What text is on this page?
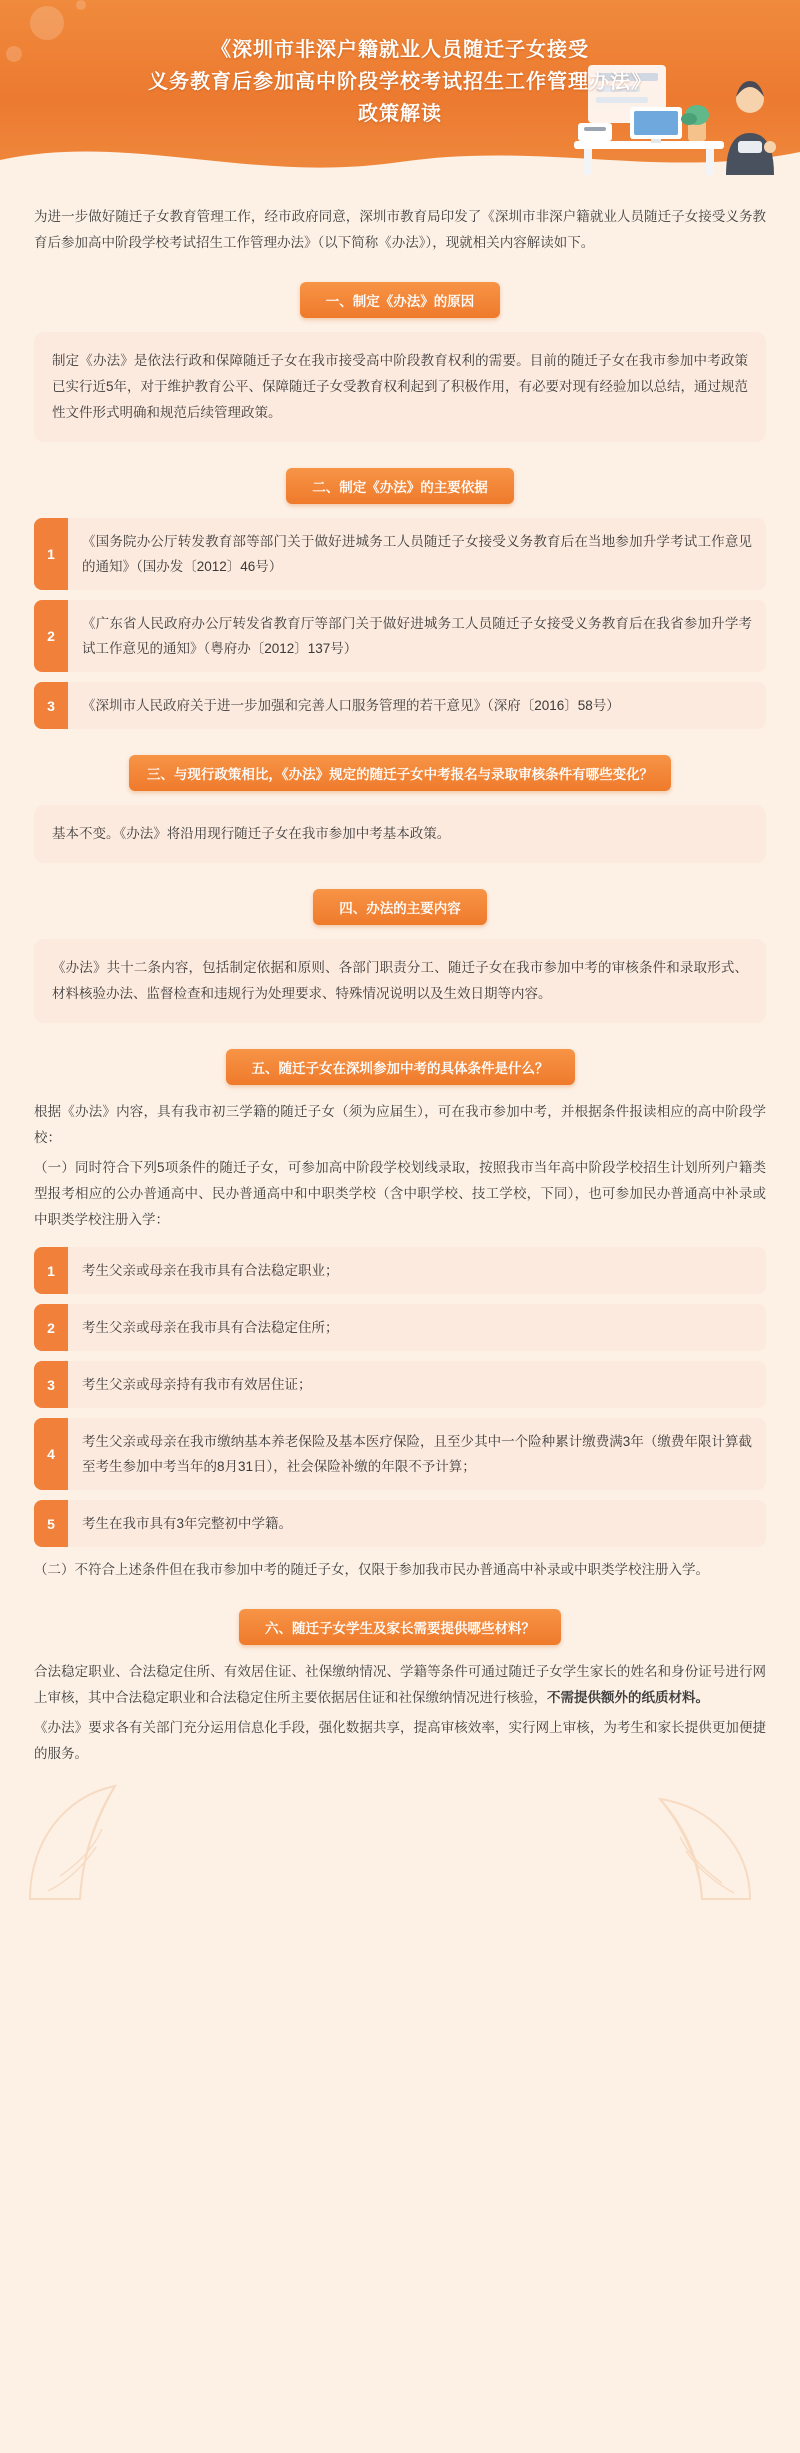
《深圳市非深户籍就业人员随迁子女接受
义务教育后参加高中阶段学校考试招生工作管理办法》
政策解读

为进一步做好随迁子女教育管理工作，经市政府同意，深圳市教育局印发了《深圳市非深户籍就业人员随迁子女接受义务教育后参加高中阶段学校考试招生工作管理办法》（以下简称《办法》），现就相关内容解读如下。

一、制定《办法》的原因

制定《办法》是依法行政和保障随迁子女在我市接受高中阶段教育权利的需要。目前的随迁子女在我市参加中考政策已实行近5年，对于维护教育公平、保障随迁子女受教育权利起到了积极作用，有必要对现有经验加以总结，通过规范性文件形式明确和规范后续管理政策。

二、制定《办法》的主要依据
1
《国务院办公厅转发教育部等部门关于做好进城务工人员随迁子女接受义务教育后在当地参加升学考试工作意见的通知》（国办发〔2012〕46号）
2
《广东省人民政府办公厅转发省教育厅等部门关于做好进城务工人员随迁子女接受义务教育后在我省参加升学考试工作意见的通知》（粤府办〔2012〕137号）
3	《深圳市人民政府关于进一步加强和完善人口服务管理的若干意见》（深府〔2016〕58号）
三、与现行政策相比，《办法》规定的随迁子女中考报名与录取审核条件有哪些变化？

基本不变。《办法》将沿用现行随迁子女在我市参加中考基本政策。

四、办法的主要内容

《办法》共十二条内容，包括制定依据和原则、各部门职责分工、随迁子女在我市参加中考的审核条件和录取形式、材料核验办法、监督检查和违规行为处理要求、特殊情况说明以及生效日期等内容。

五、随迁子女在深圳参加中考的具体条件是什么？

根据《办法》内容，具有我市初三学籍的随迁子女（须为应届生），可在我市参加中考，并根据条件报读相应的高中阶段学校：

（一）同时符合下列5项条件的随迁子女，可参加高中阶段学校划线录取，按照我市当年高中阶段学校招生计划所列户籍类型报考相应的公办普通高中、民办普通高中和中职类学校（含中职学校、技工学校，下同），也可参加民办普通高中补录或中职类学校注册入学：

1	考生父亲或母亲在我市具有合法稳定职业；
2	考生父亲或母亲在我市具有合法稳定住所；
3	考生父亲或母亲持有我市有效居住证；
4
考生父亲或母亲在我市缴纳基本养老保险及基本医疗保险，且至少其中一个险种累计缴费满3年（缴费年限计算截至考生参加中考当年的8月31日），社会保险补缴的年限不予计算；
5	考生在我市具有3年完整初中学籍。

（二）不符合上述条件但在我市参加中考的随迁子女，仅限于参加我市民办普通高中补录或中职类学校注册入学。

六、随迁子女学生及家长需要提供哪些材料？

合法稳定职业、合法稳定住所、有效居住证、社保缴纳情况、学籍等条件可通过随迁子女学生家长的姓名和身份证号进行网上审核，其中合法稳定职业和合法稳定住所主要依据居住证和社保缴纳情况进行核验，不需提供额外的纸质材料。

《办法》要求各有关部门充分运用信息化手段，强化数据共享，提高审核效率，实行网上审核，为考生和家长提供更加便捷的服务。
